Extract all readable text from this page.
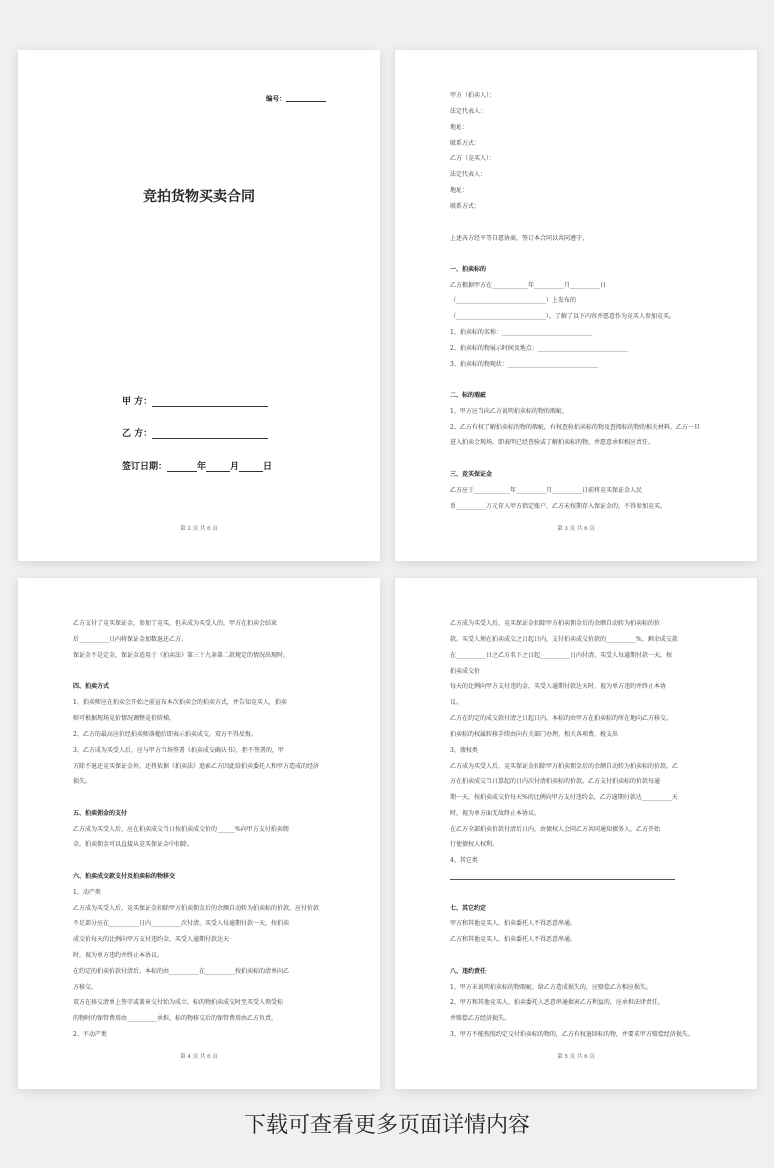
编号：
竞拍货物买卖合同
甲 方：
乙 方：
签订日期：	年	月	日
第 2 页 共 6 页
甲方（拍卖人）：
法定代表人：
地址：
联系方式：
乙方（竞买人）：
法定代表人：
地址：
联系方式：
上述各方经平等自愿协商，签订本合同以共同遵守。
一、拍卖标的
乙方根据甲方在____________年__________月__________日
（______________________________）上发布的
（______________________________），了解了以下内容并愿意作为竞买人参加竞买。
1、拍卖标的名称：______________________________
2、拍卖标的物展示时间及地点：______________________________
3、拍卖标的物现状：______________________________
二、标的瑕疵
1、甲方应当向乙方说明拍卖标的物的瑕疵。
2、乙方有权了解拍卖标的物的瑕疵，有权查验拍卖标的物及查阅标的物的相关材料。乙方一旦
进入拍卖会现场，即表明已经查验或了解拍卖标的物，并愿意承担相应责任。
三、竞买保证金
乙方应于____________年__________月__________日前将竞买保证金人民
币__________万元存入甲方指定账户，乙方未按期存入保证金的，不得参加竞买。
第 3 页 共 6 页
乙方支付了竞买保证金，参加了竞买，但未成为买受人的，甲方在拍卖会结束
后__________日内将保证金加数退还乙方。
保证金不是定金，保证金适用于《拍卖法》第三十九条第二款规定的情况出现时。
四、拍卖方式
1、拍卖师应在拍卖会开始之前宣布本次拍卖会的拍卖方式，并告知竞买人，拍卖
师可根据现场竞价情况调整竞价阶梯。
2、乙方的最高应价经拍卖师落槌后即表示拍卖成交，双方不得反悔。
3、乙方成为买受人后，应与甲方当场签署《拍卖成交确认书》，拒不签署的，甲
方除不退还竞买保证金外，还将依据《拍卖法》追索乙方因此给拍卖委托人和甲方造成的经济
损失。
五、拍卖佣金的支付
乙方成为买受人后，应在拍卖成交当日按拍卖成交价的______%向甲方支付拍卖佣
金。拍卖佣金可以直接从竞买保证金中扣除。
六、拍卖成交款支付及拍卖标的物移交
1、动产类
乙方成为买受人后，竞买保证金扣除甲方拍卖佣金后的余额自动转为拍卖标的价款，应付价款
不足部分应在__________日内__________次付清。买受人每逾期付款一天，按拍卖
成交价每天的比例向甲方支付违约金，买受人逾期付款达天
时，视为单方违约并终止本协议。
在约定的拍卖价款付清后，本标的由__________在__________按拍卖标的清单向乙
方移交。
双方在移交清单上签字或盖章交付始为成立。标的物拍卖成交时至买受人领受标
的物时的保管费用由__________承担，标的物移交后的保管费用由乙方负责。
2、不动产类
第 4 页 共 6 页
乙方成为买受人后，竞买保证金扣除甲方拍卖佣金后的余额自动转为拍卖标的价
款。买受人须在拍卖成交之日起日内，支付拍卖成交价款的__________%，剩余成交款
在__________日之乙方名下之日起__________日内付清。买受人每逾期付款一天，按
拍卖成交价
每天的比例向甲方支付违约金，买受人逾期付款达天时，视为单方违约并终止本协
议。
乙方在约定的成交款付清之日起日内，本标的由甲方在拍卖标的所在地向乙方移交。
拍卖标的权属转移手续由向有关部门办理，相关各项费，税支出
3、债权类
乙方成为买受人后，竞买保证金扣除甲方拍卖佣金后的余额自动转为拍卖标的价款。乙
方在拍卖成交当日算起的日内次付清拍卖标的价款。乙方支付拍卖标的价款每逾
期一天，按拍卖成交价每天%的比例向甲方支付违约金，乙方逾期付款达__________天
时，视为单方面无故终止本协议。
在乙方全部拍卖价款付清后日内，由债权人会同乙方共同通知债务人，乙方开始
行使债权人权利。
4、其它类
七、其它约定
甲方和其他竞买人、拍卖委托人不得恶意串通。
乙方和其他竞买人、拍卖委托人不得恶意串通。
八、违约责任
1、甲方未说明拍卖标的物瑕疵，给乙方造成损失的，应赔偿乙方相应损失。
2、甲方和其他竞买人、拍卖委托人恶意串通损害乙方利益的，应承担法律责任，
并赔偿乙方经济损失。
3、甲方不能按照约定交付拍卖标的物的，乙方有权退回标的物，并要求甲方赔偿经济损失。
第 5 页 共 6 页
下载可查看更多页面详情内容
